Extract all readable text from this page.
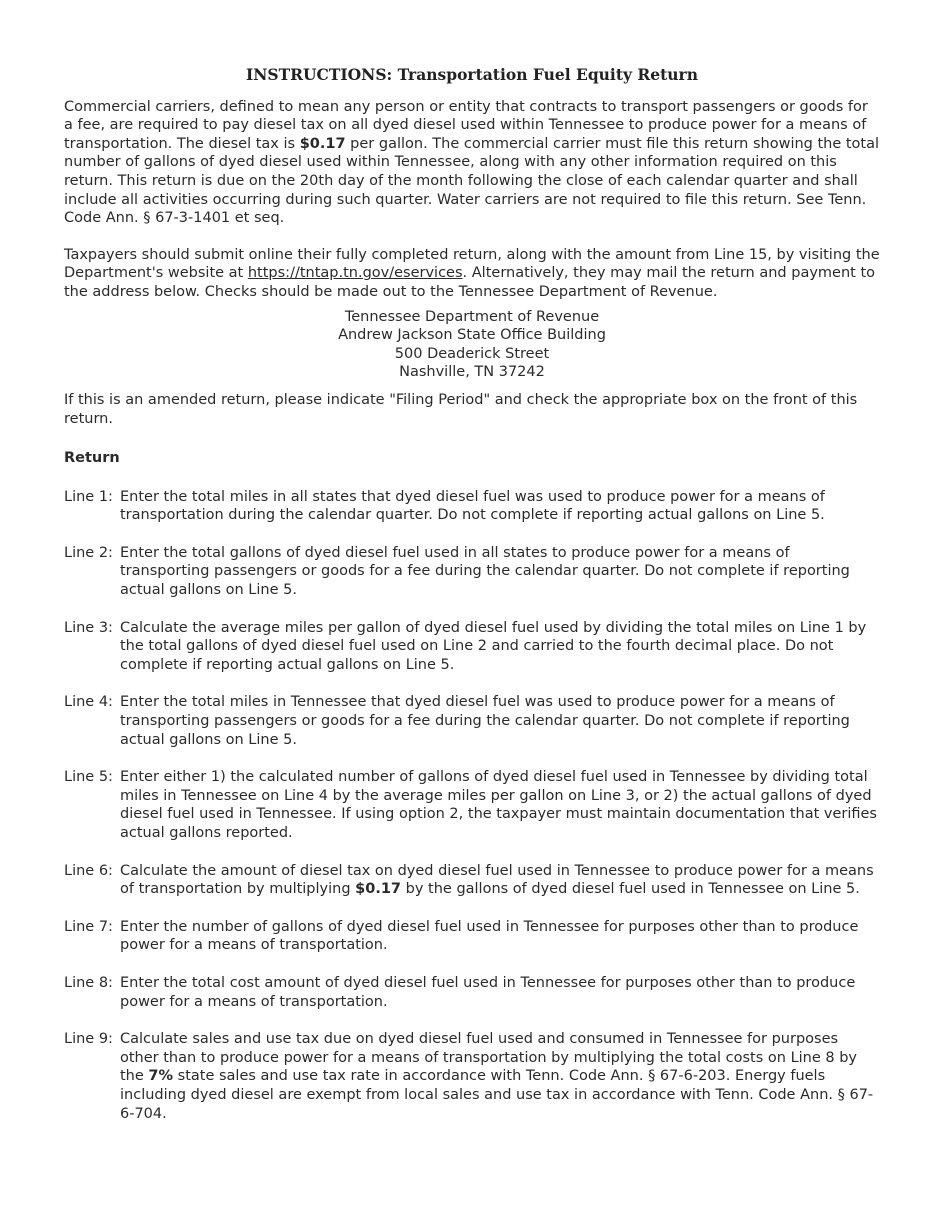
INSTRUCTIONS: Transportation Fuel Equity Return

Commercial carriers, defined to mean any person or entity that contracts to transport passengers or goods for a fee, are required to pay diesel tax on all dyed diesel used within Tennessee to produce power for a means of transportation. The diesel tax is $0.17 per gallon. The commercial carrier must file this return showing the total number of gallons of dyed diesel used within Tennessee, along with any other information required on this return. This return is due on the 20th day of the month following the close of each calendar quarter and shall include all activities occurring during such quarter. Water carriers are not required to file this return. See Tenn. Code Ann. § 67-3-1401 et seq.

Taxpayers should submit online their fully completed return, along with the amount from Line 15, by visiting the Department's website at https://tntap.tn.gov/eservices. Alternatively, they may mail the return and payment to the address below. Checks should be made out to the Tennessee Department of Revenue.

Tennessee Department of Revenue
Andrew Jackson State Office Building
500 Deaderick Street
Nashville, TN 37242

If this is an amended return, please indicate "Filing Period" and check the appropriate box on the front of this return.

Return
Line 1: Enter the total miles in all states that dyed diesel fuel was used to produce power for a means of transportation during the calendar quarter. Do not complete if reporting actual gallons on Line 5.
Line 2: Enter the total gallons of dyed diesel fuel used in all states to produce power for a means of transporting passengers or goods for a fee during the calendar quarter. Do not complete if reporting actual gallons on Line 5.
Line 3: Calculate the average miles per gallon of dyed diesel fuel used by dividing the total miles on Line 1 by the total gallons of dyed diesel fuel used on Line 2 and carried to the fourth decimal place. Do not complete if reporting actual gallons on Line 5.
Line 4: Enter the total miles in Tennessee that dyed diesel fuel was used to produce power for a means of transporting passengers or goods for a fee during the calendar quarter. Do not complete if reporting actual gallons on Line 5.
Line 5: Enter either 1) the calculated number of gallons of dyed diesel fuel used in Tennessee by dividing total miles in Tennessee on Line 4 by the average miles per gallon on Line 3, or 2) the actual gallons of dyed diesel fuel used in Tennessee. If using option 2, the taxpayer must maintain documentation that verifies actual gallons reported.
Line 6: Calculate the amount of diesel tax on dyed diesel fuel used in Tennessee to produce power for a means of transportation by multiplying $0.17 by the gallons of dyed diesel fuel used in Tennessee on Line 5.
Line 7: Enter the number of gallons of dyed diesel fuel used in Tennessee for purposes other than to produce power for a means of transportation.
Line 8: Enter the total cost amount of dyed diesel fuel used in Tennessee for purposes other than to produce power for a means of transportation.
Line 9: Calculate sales and use tax due on dyed diesel fuel used and consumed in Tennessee for purposes other than to produce power for a means of transportation by multiplying the total costs on Line 8 by the 7% state sales and use tax rate in accordance with Tenn. Code Ann. § 67-6-203. Energy fuels including dyed diesel are exempt from local sales and use tax in accordance with Tenn. Code Ann. § 67-6-704.
